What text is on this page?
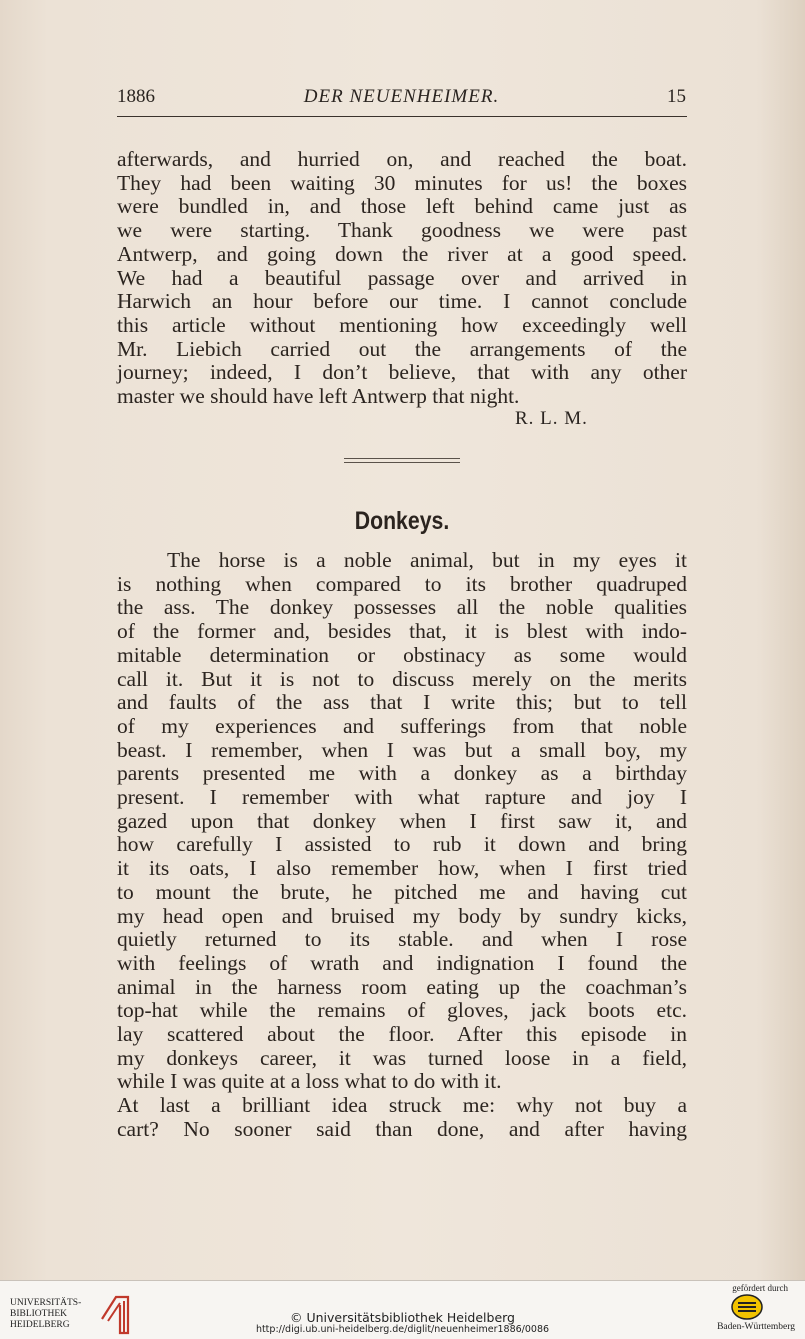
1886	DER NEUENHEIMER.	15
afterwards, and hurried on, and reached the boat.
They had been waiting 30 minutes for us! the boxes
were bundled in, and those left behind came just as
we were starting. Thank goodness we were past
Antwerp, and going down the river at a good speed.
We had a beautiful passage over and arrived in
Harwich an hour before our time. I cannot conclude
this article without mentioning how exceedingly well
Mr. Liebich carried out the arrangements of the
journey; indeed, I don’t believe, that with any other
master we should have left Antwerp that night.
R. L. M.
Donkeys.
The horse is a noble animal, but in my eyes it
is nothing when compared to its brother quadruped
the ass. The donkey possesses all the noble qualities
of the former and, besides that, it is blest with indo-
mitable determination or obstinacy as some would
call it. But it is not to discuss merely on the merits
and faults of the ass that I write this; but to tell
of my experiences and sufferings from that noble
beast. I remember, when I was but a small boy, my
parents presented me with a donkey as a birthday
present. I remember with what rapture and joy I
gazed upon that donkey when I first saw it, and
how carefully I assisted to rub it down and bring
it its oats, I also remember how, when I first tried
to mount the brute, he pitched me and having cut
my head open and bruised my body by sundry kicks,
quietly returned to its stable. and when I rose
with feelings of wrath and indignation I found the
animal in the harness room eating up the coachman’s
top-hat while the remains of gloves, jack boots etc.
lay scattered about the floor. After this episode in
my donkeys career, it was turned loose in a field,
while I was quite at a loss what to do with it.
At last a brilliant idea struck me: why not buy a
cart? No sooner said than done, and after having
UNIVERSITÄTS-
BIBLIOTHEK
HEIDELBERG	© Universitätsbibliothek Heidelberg
http://digi.ub.uni-heidelberg.de/diglit/neuenheimer1886/0086
gefördert durch
Baden-Württemberg
